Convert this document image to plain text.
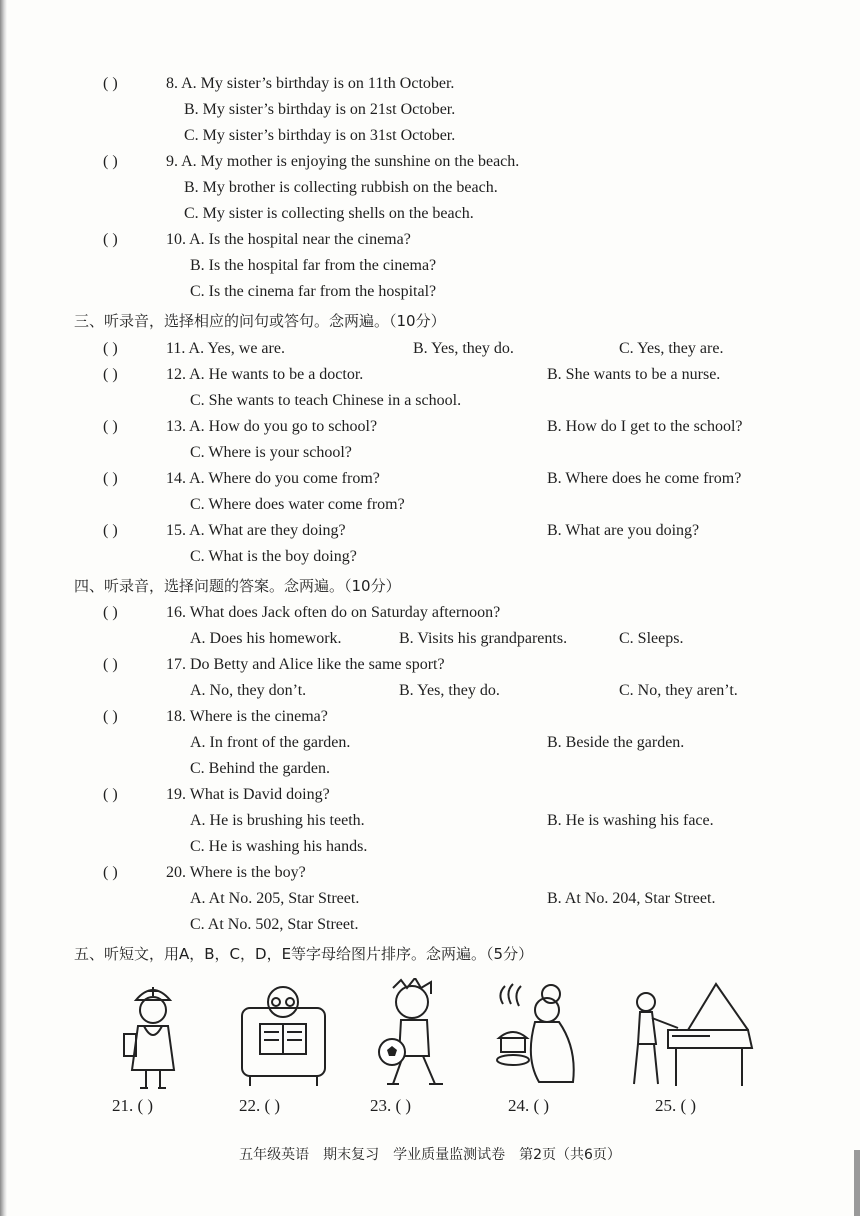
( )	8. A. My sister’s birthday is on 11th October.
B. My sister’s birthday is on 21st October.
C. My sister’s birthday is on 31st October.
( )	9. A. My mother is enjoying the sunshine on the beach.
B. My brother is collecting rubbish on the beach.
C. My sister is collecting shells on the beach.
( )	10. A. Is the hospital near the cinema?
B. Is the hospital far from the cinema?
C. Is the cinema far from the hospital?
三、听录音，选择相应的问句或答句。念两遍。（10分）
( )	11. A. Yes, we are.	B. Yes, they do.	C. Yes, they are.
( )	12. A. He wants to be a doctor.	B. She wants to be a nurse.
C. She wants to teach Chinese in a school.
( )	13. A. How do you go to school?	B. How do I get to the school?
C. Where is your school?
( )	14. A. Where do you come from?	B. Where does he come from?
C. Where does water come from?
( )	15. A. What are they doing?	B. What are you doing?
C. What is the boy doing?
四、听录音，选择问题的答案。念两遍。（10分）
( )	16. What does Jack often do on Saturday afternoon?
A. Does his homework.	B. Visits his grandparents.	C. Sleeps.
( )	17. Do Betty and Alice like the same sport?
A. No, they don’t.	B. Yes, they do.	C. No, they aren’t.
( )	18. Where is the cinema?
A. In front of the garden.	B. Beside the garden.
C. Behind the garden.
( )	19. What is David doing?
A. He is brushing his teeth.	B. He is washing his face.
C. He is washing his hands.
( )	20. Where is the boy?
A. At No. 205, Star Street.	B. At No. 204, Star Street.
C. At No. 502, Star Street.
五、听短文，用A，B，C，D，E等字母给图片排序。念两遍。（5分）
21. ( )	22. ( )	23. ( )	24. ( )	25. ( )
五年级英语　期末复习　学业质量监测试卷　第2页（共6页）
